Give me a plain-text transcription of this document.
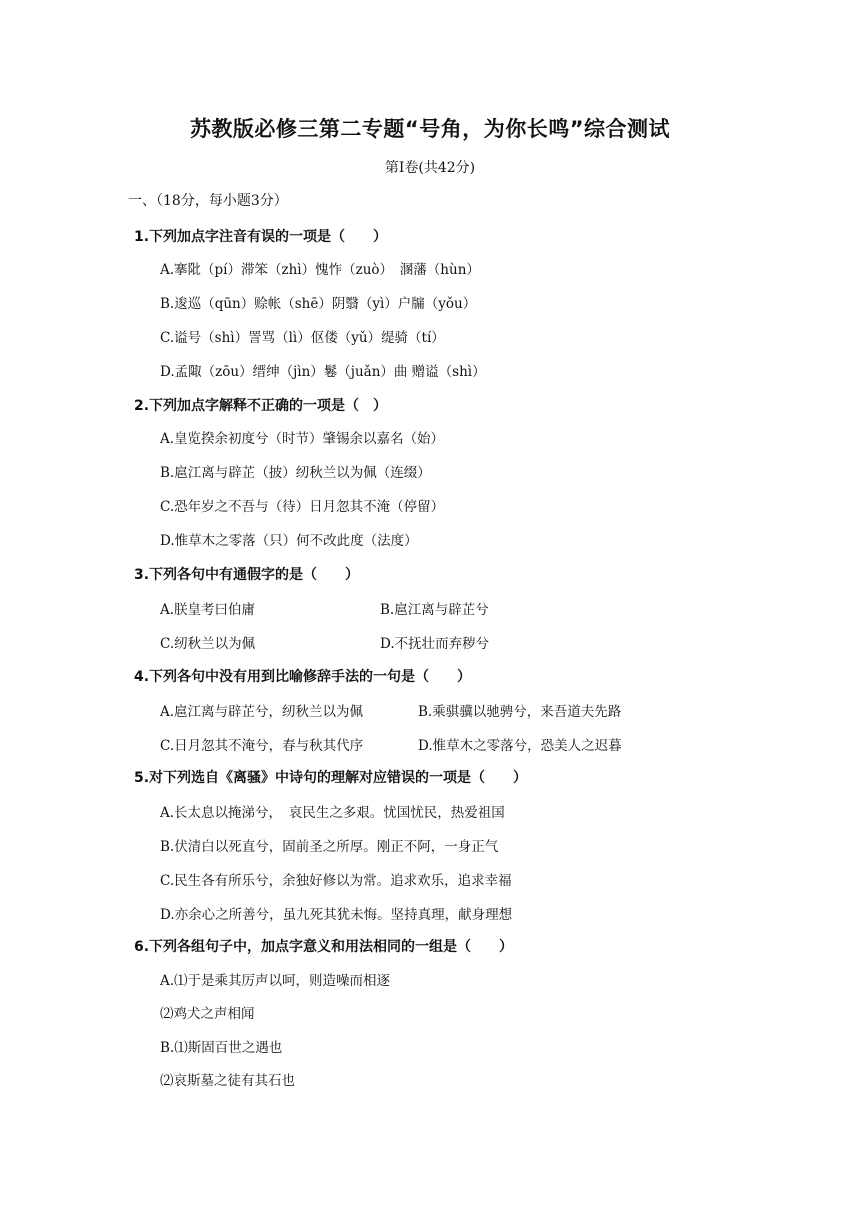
苏教版必修三第二专题“号角，为你长鸣”综合测试
第Ⅰ卷(共42分)
一、（18分，每小题3分）
1.下列加点字注音有误的一项是（　　）
A.搴阰（pí）滞笨（zhì）愧怍（zuò）　溷藩（hùn）
B.逡巡（qūn）赊帐（shē）阴翳（yì）户牖（yǒu）
C.谥号（shì）詈骂（lì）伛偻（yǔ）缇骑（tí）
D.孟陬（zōu）缙绅（jìn）鬈（juǎn）曲 赠谥（shì）
2.下列加点字解释不正确的一项是（　）
A.皇览揆余初度兮（时节）肇锡余以嘉名（始）
B.扈江离与辟芷（披）纫秋兰以为佩（连缀）
C.恐年岁之不吾与（待）日月忽其不淹（停留）
D.惟草木之零落（只）何不改此度（法度）
3.下列各句中有通假字的是（　　）
A.朕皇考曰伯庸	B.扈江离与辟芷兮
C.纫秋兰以为佩	D.不抚壮而弃秽兮
4.下列各句中没有用到比喻修辞手法的一句是（　　）
A.扈江离与辟芷兮，纫秋兰以为佩	B.乘骐骥以驰骋兮，来吾道夫先路
C.日月忽其不淹兮，春与秋其代序	D.惟草木之零落兮，恐美人之迟暮
5.对下列选自《离骚》中诗句的理解对应错误的一项是（　　）
A.长太息以掩涕兮，　哀民生之多艰。忧国忧民，热爱祖国
B.伏清白以死直兮，固前圣之所厚。刚正不阿，一身正气
C.民生各有所乐兮，余独好修以为常。追求欢乐，追求幸福
D.亦余心之所善兮，虽九死其犹未悔。坚持真理，献身理想
6.下列各组句子中，加点字意义和用法相同的一组是（　　）
A.⑴于是乘其厉声以呵，则造噪而相逐
⑵鸡犬之声相闻
B.⑴斯固百世之遇也
⑵哀斯墓之徒有其石也
